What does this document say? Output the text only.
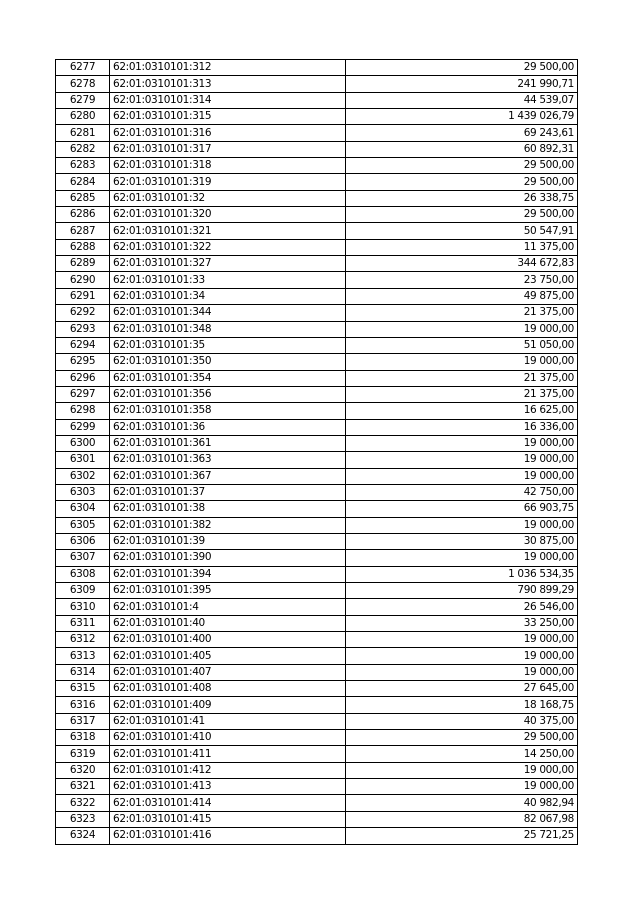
6277	62:01:0310101:312	29 500,00
6278	62:01:0310101:313	241 990,71
6279	62:01:0310101:314	44 539,07
6280	62:01:0310101:315	1 439 026,79
6281	62:01:0310101:316	69 243,61
6282	62:01:0310101:317	60 892,31
6283	62:01:0310101:318	29 500,00
6284	62:01:0310101:319	29 500,00
6285	62:01:0310101:32	26 338,75
6286	62:01:0310101:320	29 500,00
6287	62:01:0310101:321	50 547,91
6288	62:01:0310101:322	11 375,00
6289	62:01:0310101:327	344 672,83
6290	62:01:0310101:33	23 750,00
6291	62:01:0310101:34	49 875,00
6292	62:01:0310101:344	21 375,00
6293	62:01:0310101:348	19 000,00
6294	62:01:0310101:35	51 050,00
6295	62:01:0310101:350	19 000,00
6296	62:01:0310101:354	21 375,00
6297	62:01:0310101:356	21 375,00
6298	62:01:0310101:358	16 625,00
6299	62:01:0310101:36	16 336,00
6300	62:01:0310101:361	19 000,00
6301	62:01:0310101:363	19 000,00
6302	62:01:0310101:367	19 000,00
6303	62:01:0310101:37	42 750,00
6304	62:01:0310101:38	66 903,75
6305	62:01:0310101:382	19 000,00
6306	62:01:0310101:39	30 875,00
6307	62:01:0310101:390	19 000,00
6308	62:01:0310101:394	1 036 534,35
6309	62:01:0310101:395	790 899,29
6310	62:01:0310101:4	26 546,00
6311	62:01:0310101:40	33 250,00
6312	62:01:0310101:400	19 000,00
6313	62:01:0310101:405	19 000,00
6314	62:01:0310101:407	19 000,00
6315	62:01:0310101:408	27 645,00
6316	62:01:0310101:409	18 168,75
6317	62:01:0310101:41	40 375,00
6318	62:01:0310101:410	29 500,00
6319	62:01:0310101:411	14 250,00
6320	62:01:0310101:412	19 000,00
6321	62:01:0310101:413	19 000,00
6322	62:01:0310101:414	40 982,94
6323	62:01:0310101:415	82 067,98
6324	62:01:0310101:416	25 721,25
